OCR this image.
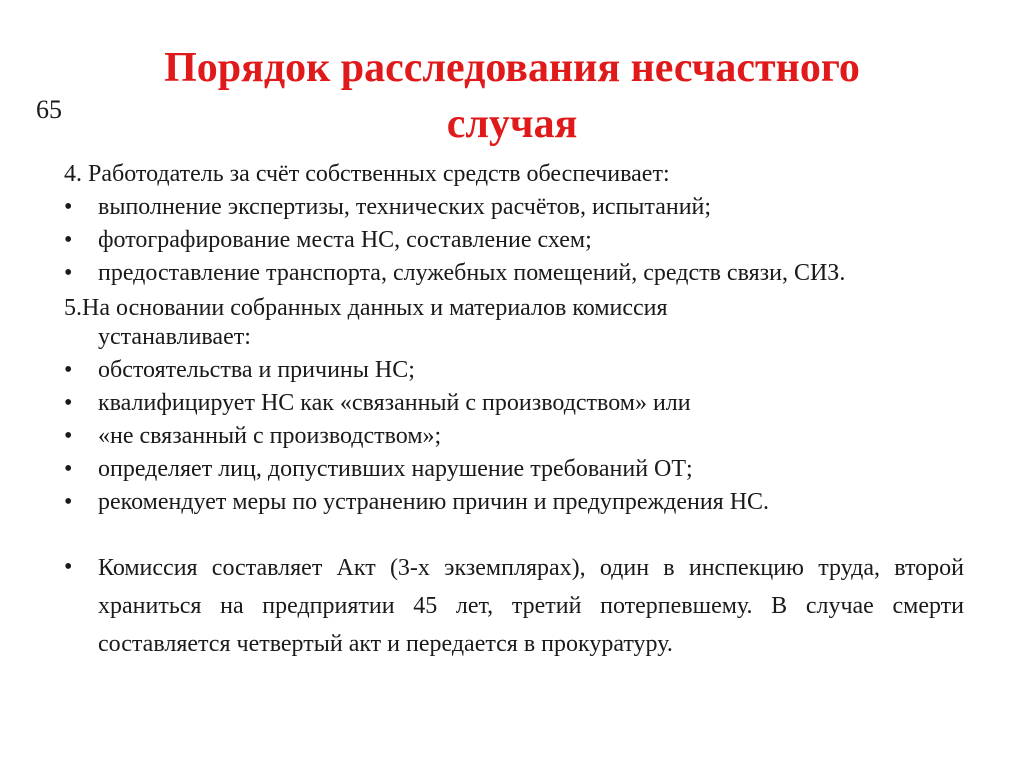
65
Порядок расследования несчастного
случая
4. Работодатель за счёт собственных средств обеспечивает:
•	выполнение экспертизы, технических расчётов, испытаний;
•	фотографирование места НС, составление схем;
•	предоставление транспорта, служебных помещений, средств связи, СИЗ.
5.На основании собранных данных и материалов комиссия
устанавливает:
•	обстоятельства и причины НС;
•	квалифицирует НС как «связанный с производством» или
•	«не связанный с производством»;
•	определяет лиц, допустивших нарушение требований ОТ;
•	рекомендует меры по устранению причин и предупреждения НС.
•	Комиссия составляет Акт (3-х экземплярах), один в инспекцию труда, второй храниться на предприятии 45 лет, третий потерпевшему. В случае смерти составляется четвертый акт и передается в прокуратуру.
